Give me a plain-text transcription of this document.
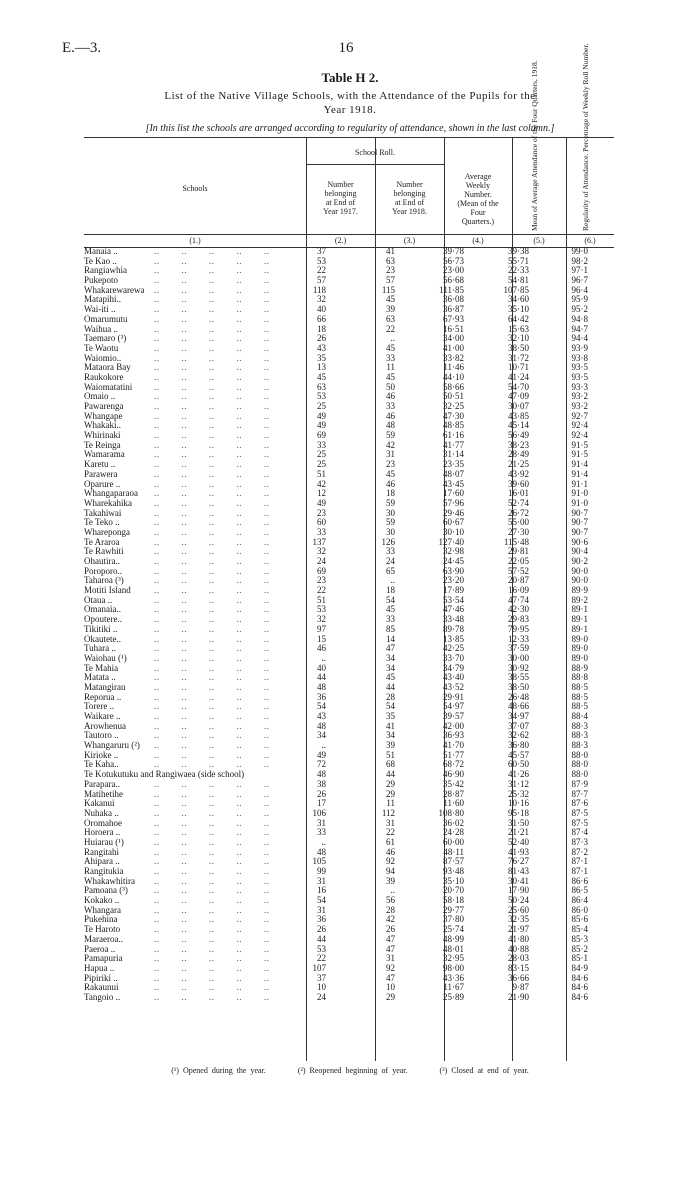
E.—3.	16
Table H 2.
List of the Native Village Schools, with the Attendance of the Pupils for the
Year 1918.
[In this list the schools are arranged according to regularity of attendance, shown in the last column.]
Schools
School Roll.
Number
belonging
at End of
Year 1917.
Number
belonging
at End of
Year 1918.
Average
Weekly
Number.
(Mean of the
Four
Quarters.)	Mean of Average Attendance of the Four Quarters, 1918.	Regularity of Attendance. Percentage of Weekly Roll Number.
(1.)	(2.)	(3.)	(4.)	(5.)	(6.)
Manaia ..	37	41	39·78	39·38	99·0
..        ..        ..        ..        ..
Te Kao ..	53	63	56·73	55·71	98·2
..        ..        ..        ..        ..
Rangiawhia	22	23	23·00	22·33	97·1
..        ..        ..        ..        ..
Pukepoto	57	57	56·68	54·81	96·7
..        ..        ..        ..        ..
Whakarewarewa	118	115	111·85	107·85	96·4
..        ..        ..        ..        ..
Matapihi..	32	45	36·08	34·60	95·9
..        ..        ..        ..        ..
Wai-iti ..	40	39	36·87	35·10	95·2
..        ..        ..        ..        ..
Omarumutu	66	63	67·93	64·42	94·8
..        ..        ..        ..        ..
Waihua ..	18	22	16·51	15·63	94·7
..        ..        ..        ..        ..
Taemaro (³)	26	..	34·00	32·10	94·4
..        ..        ..        ..        ..
Te Waotu	43	45	41·00	38·50	93·9
..        ..        ..        ..        ..
Waiomio..	35	33	33·82	31·72	93·8
..        ..        ..        ..        ..
Mataora Bay	13	11	11·46	10·71	93·5
..        ..        ..        ..        ..
Raukokore	45	45	44·10	41·24	93·5
..        ..        ..        ..        ..
Waiomatatini	63	50	58·66	54·70	93·3
..        ..        ..        ..        ..
Omaio ..	53	46	50·51	47·09	93·2
..        ..        ..        ..        ..
Pawarenga	25	33	32·25	30·07	93·2
..        ..        ..        ..        ..
Whangape	49	46	47·30	43·85	92·7
..        ..        ..        ..        ..
Whakaki..	49	48	48·85	45·14	92·4
..        ..        ..        ..        ..
Whirinaki	69	59	61·16	56·49	92·4
..        ..        ..        ..        ..
Te Reinga	33	42	41·77	38·23	91·5
..        ..        ..        ..        ..
Wamarama	25	31	31·14	28·49	91·5
..        ..        ..        ..        ..
Karetu ..	25	23	23·35	21·25	91·4
..        ..        ..        ..        ..
Parawera	51	45	48·07	43·92	91·4
..        ..        ..        ..        ..
Oparure ..	42	46	43·45	39·60	91·1
..        ..        ..        ..        ..
Whangaparaoa	12	18	17·60	16·01	91·0
..        ..        ..        ..        ..
Wharekahika	49	59	57·96	52·74	91·0
..        ..        ..        ..        ..
Takahiwai	23	30	29·46	26·72	90·7
..        ..        ..        ..        ..
Te Teko ..	60	59	60·67	55·00	90·7
..        ..        ..        ..        ..
Whareponga	33	30	30·10	27·30	90·7
..        ..        ..        ..        ..
Te Araroa	137	126	127·40	115·48	90·6
..        ..        ..        ..        ..
Te Rawhiti	32	33	32·98	29·81	90·4
..        ..        ..        ..        ..
Ohautira..	24	24	24·45	22·05	90·2
..        ..        ..        ..        ..
Poroporo..	69	65	63·90	57·52	90·0
..        ..        ..        ..        ..
Taharoa (³)	23	..	23·20	20·87	90·0
..        ..        ..        ..        ..
Motiti Island	22	18	17·89	16·09	89·9
..        ..        ..        ..        ..
Otaua ..	51	54	53·54	47·74	89·2
..        ..        ..        ..        ..
Omanaia..	53	45	47·46	42·30	89·1
..        ..        ..        ..        ..
Opoutere..	32	33	33·48	29·83	89·1
..        ..        ..        ..        ..
Tikitiki ..	97	85	89·78	79·95	89·1
..        ..        ..        ..        ..
Okautete..	15	14	13·85	12·33	89·0
..        ..        ..        ..        ..
Tuhara ..	46	47	42·25	37·59	89·0
..        ..        ..        ..        ..
Waiohau (¹)	..	34	33·70	30·00	89·0
..        ..        ..        ..        ..
Te Mahia	40	34	34·79	30·92	88·9
..        ..        ..        ..        ..
Matata ..	44	45	43·40	38·55	88·8
..        ..        ..        ..        ..
Matangirau	48	44	43·52	38·50	88·5
..        ..        ..        ..        ..
Reporua ..	36	28	29·91	26·48	88·5
..        ..        ..        ..        ..
Torere ..	54	54	54·97	48·66	88·5
..        ..        ..        ..        ..
Waikare ..	43	35	39·57	34·97	88·4
..        ..        ..        ..        ..
Arowhenua	48	41	42·00	37·07	88·3
..        ..        ..        ..        ..
Tautoro ..	34	34	36·93	32·62	88·3
..        ..        ..        ..        ..
Whangaruru (²)	..	39	41·70	36·80	88·3
..        ..        ..        ..        ..
Kirioke ..	49	51	51·77	45·57	88·0
..        ..        ..        ..        ..
Te Kaha..	72	68	68·72	60·50	88·0
..        ..        ..        ..        ..
Te Kotukutuku and Rangiwaea (side school)	48	44	46·90	41·26	88·0
Parapara..	38	29	35·42	31·12	87·9
..        ..        ..        ..        ..
Matihetihe	26	29	28·87	25·32	87·7
..        ..        ..        ..        ..
Kakanui	17	11	11·60	10·16	87·6
..        ..        ..        ..        ..
Nuhaka ..	106	112	108·80	95·18	87·5
..        ..        ..        ..        ..
Oromahoe	31	31	36·02	31·50	87·5
..        ..        ..        ..        ..
Horoera ..	33	22	24·28	21·21	87·4
..        ..        ..        ..        ..
Huiarau (¹)	..	61	60·00	52·40	87·3
..        ..        ..        ..        ..
Rangitahi	48	46	48·11	41·93	87·2
..        ..        ..        ..        ..
Ahipara ..	105	92	87·57	76·27	87·1
..        ..        ..        ..        ..
Rangitukia	99	94	93·48	81·43	87·1
..        ..        ..        ..        ..
Whakawhitira	31	39	35·10	30·41	86·6
..        ..        ..        ..        ..
Pamoana (³)	16	..	20·70	17·90	86·5
..        ..        ..        ..        ..
Kokako ..	54	56	58·18	50·24	86·4
..        ..        ..        ..        ..
Whangara	31	28	29·77	25·60	86·0
..        ..        ..        ..        ..
Pukehina	36	42	37·80	32·35	85·6
..        ..        ..        ..        ..
Te Haroto	26	26	25·74	21·97	85·4
..        ..        ..        ..        ..
Maraeroa..	44	47	48·99	41·80	85·3
..        ..        ..        ..        ..
Paeroa ..	53	47	48·01	40·88	85·2
..        ..        ..        ..        ..
Pamapuria	22	31	32·95	28·03	85·1
..        ..        ..        ..        ..
Hapua ..	107	92	98·00	83·15	84·9
..        ..        ..        ..        ..
Pipiriki ..	37	47	43·36	36·66	84·6
..        ..        ..        ..        ..
Rakaunui	10	10	11·67	9·87	84·6
..        ..        ..        ..        ..
Tangoio ..	24	29	25·89	21·90	84·6
..        ..        ..        ..        ..
(¹) Opened during the year.	(²) Reopened beginning of year.	(³) Closed at end of year.
